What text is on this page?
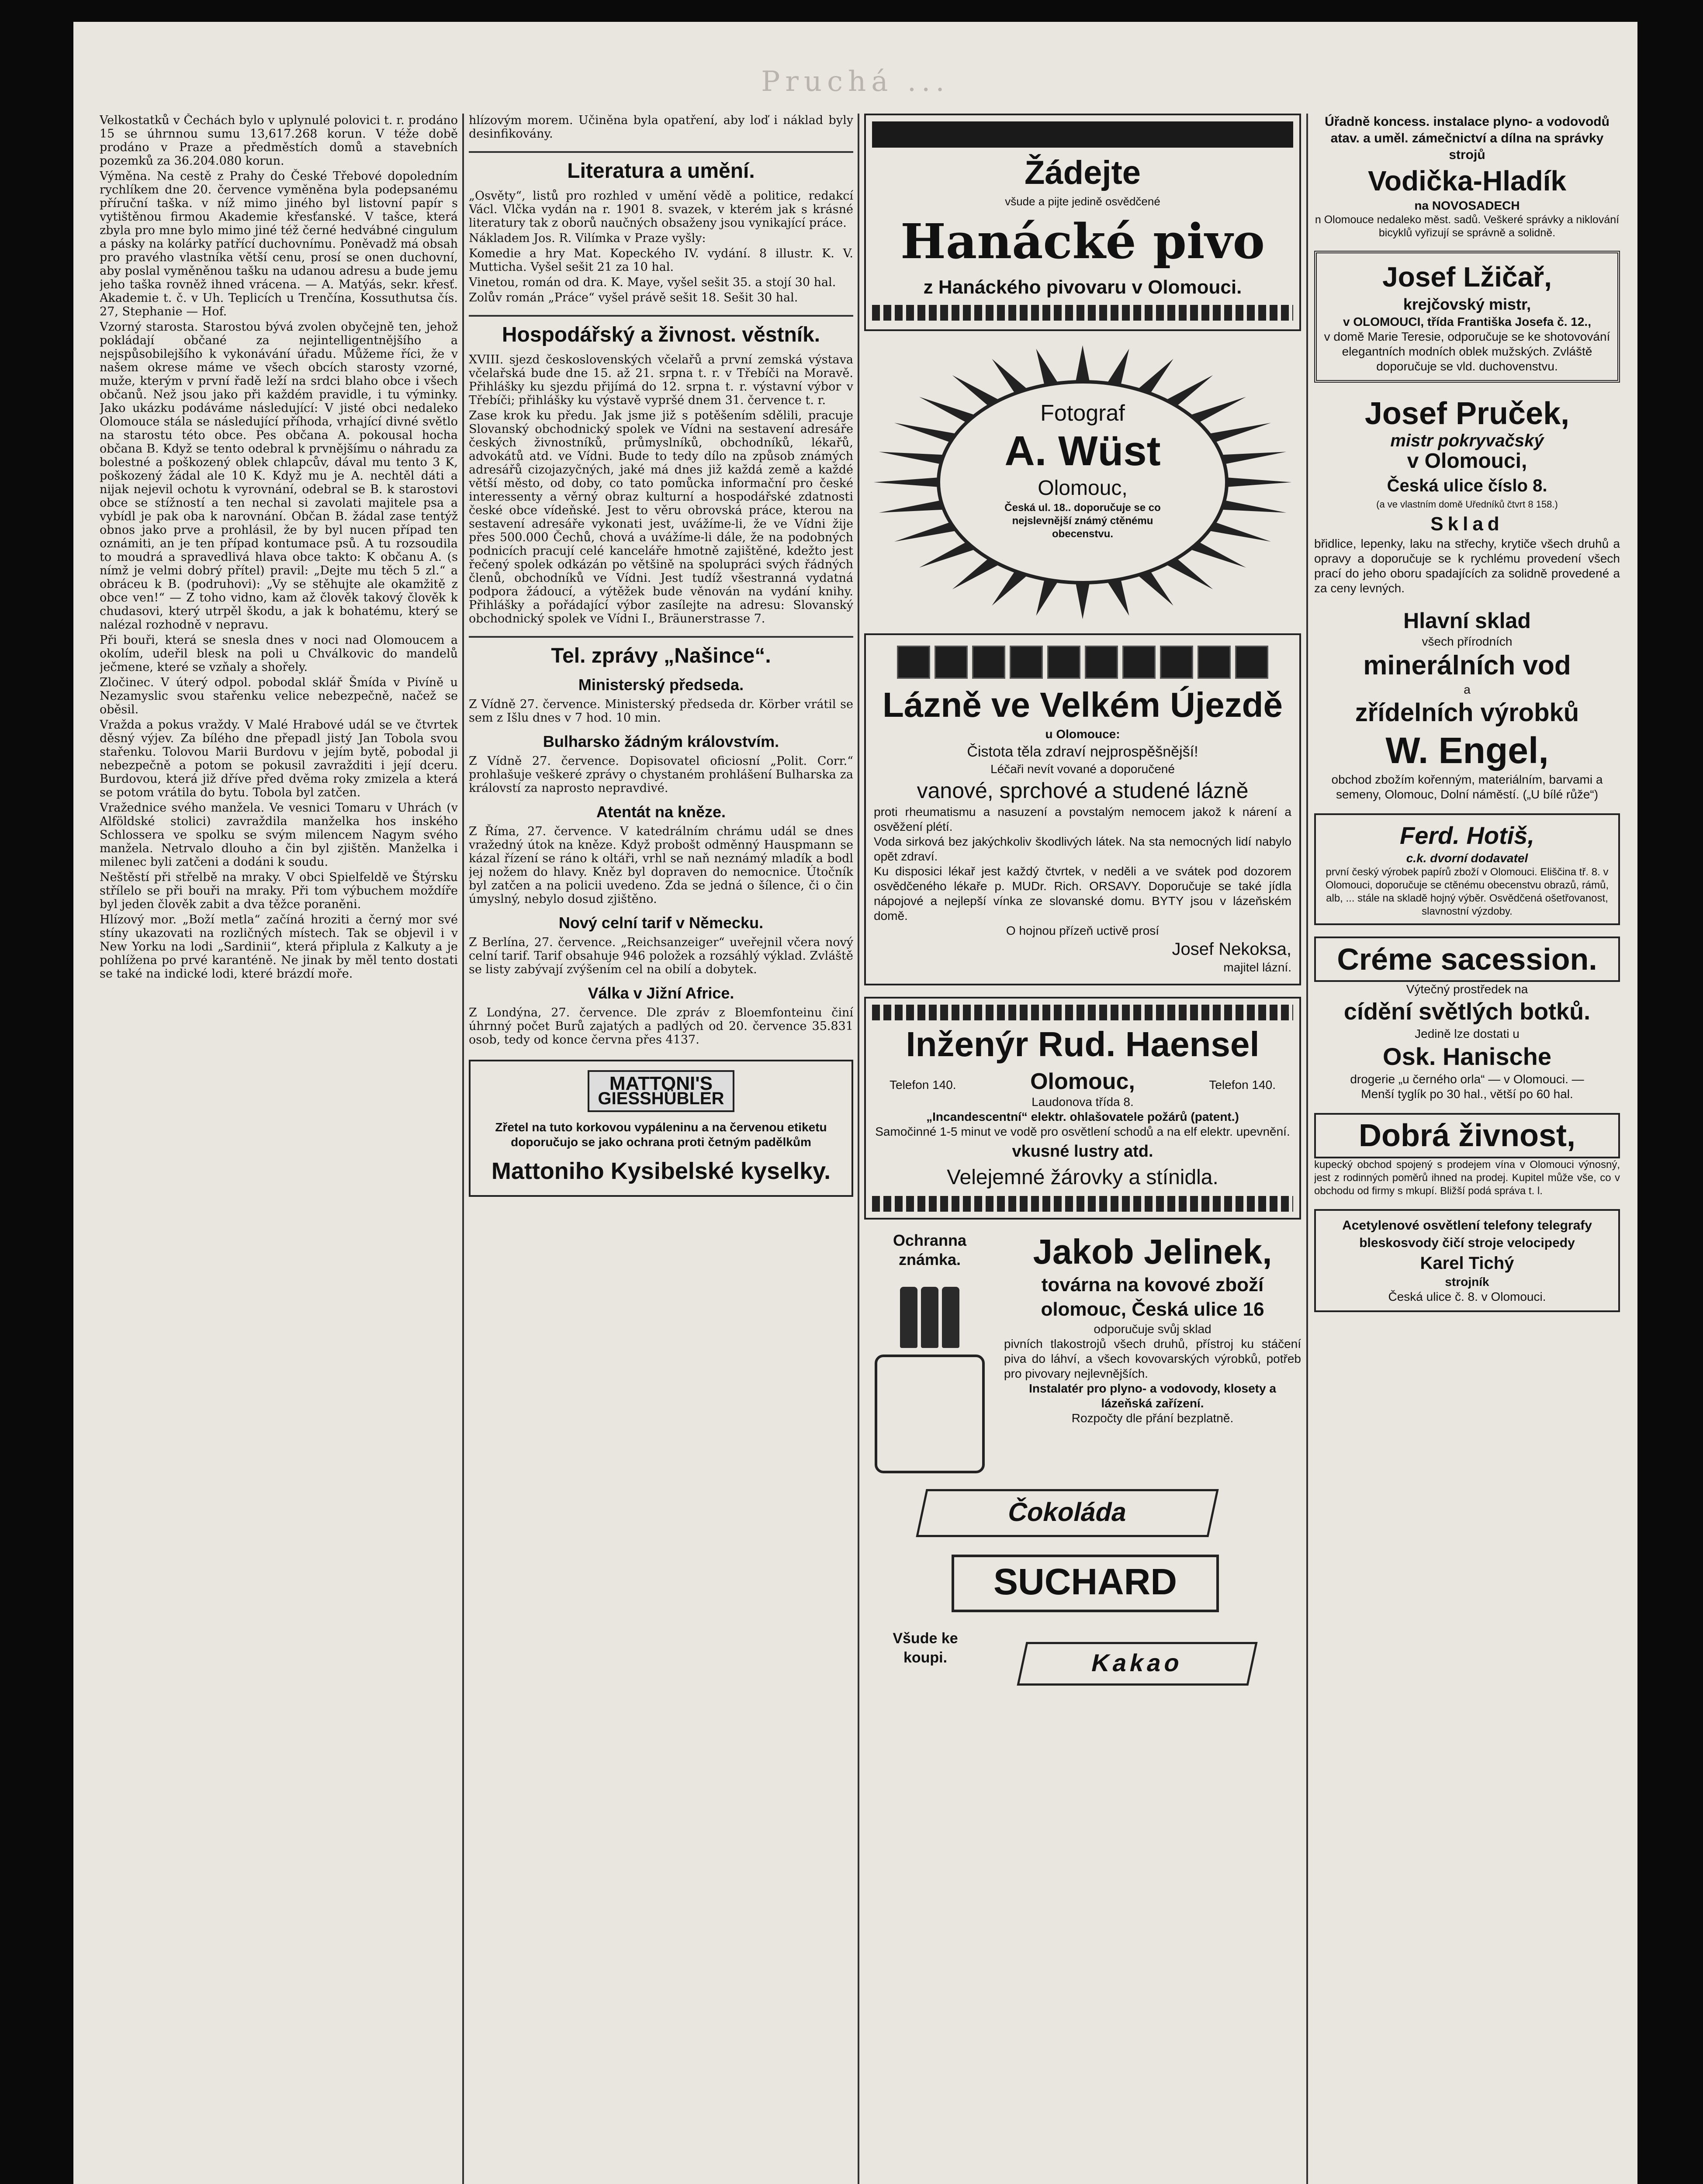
Pruchá ...

Velkostatků v Čechách bylo v uplynulé polovici t. r. prodáno 15 se úhrnnou sumu 13,617.268 korun. V téže době prodáno v Praze a předměstích domů a stavebních pozemků za 36.204.080 korun.

Výměna. Na cestě z Prahy do České Třebové dopoledním rychlíkem dne 20. července vyměněna byla podepsanému příruční taška. v níž mimo jiného byl listovní papír s vytištěnou firmou Akademie křesťanské. V tašce, která zbyla pro mne bylo mimo jiné též černé hedvábné cingulum a pásky na kolárky patřící duchovnímu. Poněvadž má obsah pro pravého vlastníka větší cenu, prosí se onen duchovní, aby poslal vyměněnou tašku na udanou adresu a bude jemu jeho taška rovněž ihned vrácena. — A. Matýás, sekr. křesť. Akademie t. č. v Uh. Teplicích u Trenčína, Kossuthutsa čís. 27, Stephanie — Hof.

Vzorný starosta. Starostou bývá zvolen obyčejně ten, jehož pokládají občané za nejintelligentnějšího a nejspůsobilejšího k vykonávání úřadu. Můžeme říci, že v našem okrese máme ve všech obcích starosty vzorné, muže, kterým v první řadě leží na srdci blaho obce i všech občanů. Než jsou jako při každém pravidle, i tu výminky. Jako ukázku podáváme následující: V jisté obci nedaleko Olomouce stála se následující příhoda, vrhající divné světlo na starostu této obce. Pes občana A. pokousal hocha občana B. Když se tento odebral k prvnějšímu o náhradu za bolestné a poškozený oblek chlapcův, dával mu tento 3 K, poškozený žádal ale 10 K. Když mu je A. nechtěl dáti a nijak nejevil ochotu k vyrovnání, odebral se B. k starostovi obce se stížností a ten nechal si zavolati majitele psa a vybídl je pak oba k narovnání. Občan B. žádal zase tentýž obnos jako prve a prohlásil, že by byl nucen případ ten oznámiti, an je ten případ kontumace psů. A tu rozsoudila to moudrá a spravedlivá hlava obce takto: K občanu A. (s nímž je velmi dobrý přítel) pravil: „Dejte mu těch 5 zl.“ a obráceu k B. (podruhovi): „Vy se stěhujte ale okamžitě z obce ven!“ — Z toho vidno, kam až člověk takový člověk k chudasovi, který utrpěl škodu, a jak k bohatému, který se nalézal rozhodně v nepravu.

Při bouři, která se snesla dnes v noci nad Olomoucem a okolím, udeřil blesk na poli u Chválkovic do mandelů ječmene, které se vzňaly a shořely.

Zločinec. V úterý odpol. pobodal sklář Šmída v Pivíně u Nezamyslic svou stařenku velice nebezpečně, načež se oběsil.

Vražda a pokus vraždy. V Malé Hrabové udál se ve čtvrtek děsný výjev. Za bílého dne přepadl jistý Jan Tobola svou stařenku. Tolovou Marii Burdovu v jejím bytě, pobodal ji nebezpečně a potom se pokusil zavražditi i její dceru. Burdovou, která již dříve před dvěma roky zmizela a která se potom vrátila do bytu. Tobola byl zatčen.

Vražednice svého manžela. Ve vesnici Tomaru v Uhrách (v Alföldské stolici) zavraždila manželka hos inského Schlossera ve spolku se svým milencem Nagym svého manžela. Netrvalo dlouho a čin byl zjištěn. Manželka i milenec byli zatčeni a dodáni k soudu.

Neštěstí při střelbě na mraky. V obci Spielfeldě ve Štýrsku střílelo se při bouři na mraky. Při tom výbuchem moždíře byl jeden člověk zabit a dva těžce poraněni.

Hlízový mor. „Boží metla“ začíná hroziti a černý mor své stíny ukazovati na rozličných místech. Tak se objevil i v New Yorku na lodi „Sardinii“, která připlula z Kalkuty a je pohlížena po prvé karanténě. Ne jinak by měl tento dostati se také na indické lodi, které brázdí moře.

hlízovým morem. Učiněna byla opatření, aby loď i náklad byly desinfikovány.

Literatura a umění.

„Osvěty“, listů pro rozhled v umění vědě a politice, redakcí Václ. Vlčka vydán na r. 1901 8. svazek, v kterém jak s krásné literatury tak z oborů naučných obsaženy jsou vynikající práce.

Nákladem Jos. R. Vilímka v Praze vyšly:

Komedie a hry Mat. Kopeckého IV. vydání. 8 illustr. K. V. Mutticha. Vyšel sešit 21 za 10 hal.

Vinetou, román od dra. K. Maye, vyšel sešit 35. a stojí 30 hal.

Zolův román „Práce“ vyšel právě sešit 18. Sešit 30 hal.

Hospodářský a živnost. věstník.

XVIII. sjezd československých včelařů a první zemská výstava včelařská bude dne 15. až 21. srpna t. r. v Třebíči na Moravě. Přihlášky ku sjezdu přijímá do 12. srpna t. r. výstavní výbor v Třebíči; přihlášky ku výstavě vypršé dnem 31. července t. r.

Zase krok ku předu. Jak jsme již s potěšením sdělili, pracuje Slovanský obchodnický spolek ve Vídni na sestavení adresáře českých živnostníků, průmyslníků, obchodníků, lékařů, advokátů atd. ve Vídni. Bude to tedy dílo na způsob známých adresářů cizojazyčných, jaké má dnes již každá země a každé větší město, od doby, co tato pomůcka informační pro české interessenty a věrný obraz kulturní a hospodářské zdatnosti české obce vídeňské. Jest to věru obrovská práce, kterou na sestavení adresáře vykonati jest, uvážíme-li, že ve Vídni žije přes 500.000 Čechů, chová a uvážíme-li dále, že na podobných podnicích pracují celé kanceláře hmotně zajištěné, kdežto jest řečený spolek odkázán po většině na spolupráci svých řádných členů, obchodníků ve Vídni. Jest tudíž všestranná vydatná podpora žádoucí, a výtěžek bude věnován na vydání knihy. Přihlášky a pořádající výbor zasílejte na adresu: Slovanský obchodnický spolek ve Vídni I., Bräunerstrasse 7.

Tel. zprávy „Našince“.
Ministerský předseda.

Z Vídně 27. července. Ministerský předseda dr. Körber vrátil se sem z Išlu dnes v 7 hod. 10 min.

Bulharsko žádným královstvím.

Z Vídně 27. července. Dopisovatel oficiosní „Polit. Corr.“ prohlašuje veškeré zprávy o chystaném prohlášení Bulharska za královstí za naprosto nepravdivé.

Atentát na kněze.

Z Říma, 27. července. V katedrálním chrámu udál se dnes vražedný útok na kněze. Když probošt odměnný Hauspmann se kázal řízení se ráno k oltáři, vrhl se naň neznámý mladík a bodl jej nožem do hlavy. Kněz byl dopraven do nemocnice. Útočník byl zatčen a na policii uvedeno. Zda se jedná o šílence, či o čin úmyslný, nebylo dosud zjištěno.

Nový celní tarif v Německu.

Z Berlína, 27. července. „Reichsanzeiger“ uveřejnil včera nový celní tarif. Tarif obsahuje 946 položek a rozsáhlý výklad. Zvláště se listy zabývají zvýšením cel na obilí a dobytek.

Válka v Jižní Africe.

Z Londýna, 27. července. Dle zpráv z Bloemfonteinu činí úhrnný počet Burů zajatých a padlých od 20. července 35.831 osob, tedy od konce června přes 4137.

MATTONI'S
GIESSHÜBLER
Zřetel na tuto korkovou vypáleninu a na červenou etiketu doporučujo se jako ochrana proti četným padělkům
Mattoniho Kysibelské kyselky.
Žádejte
všude a pijte jedině osvědčené
Hanácké pivo
z Hanáckého pivovaru v Olomouci.
Fotograf
A. Wüst
Olomouc,
Česká ul. 18.. doporučuje se co nejslevnější známý ctěnému obecenstvu.
Lázně ve Velkém Újezdě
u Olomouce:
Čistota těla zdraví nejprospěšnější!
Léčaři nevít vované a doporučené
vanové, sprchové a studené lázně
proti rheumatismu a nasuzení a povstalým nemocem jakož k nárení a osvěžení plétí.
Voda sirková bez jakýchkoliv škodlivých látek. Na sta nemocných lidí nabylo opět zdraví.
Ku disposici lékař jest každý čtvrtek, v neděli a ve svátek pod dozorem osvědčeného lékaře p. MUDr. Rich. ORSAVY. Doporučuje se také jídla nápojové a nejlepší vínka ze slovanské domu. BYTY jsou v lázeňském domě.
O hojnou přízeň uctivě prosí
Josef Nekoksa,
majitel lázní.
Inženýr Rud. Haensel
Telefon 140.	Olomouc,	Telefon 140.
Laudonova třída 8.
„Incandescentní“ elektr. ohlašovatele požárů (patent.)
Samočinné 1-5 minut ve vodě pro osvětlení schodů a na elf elektr. upevnění.
vkusné lustry atd.
Velejemné žárovky a stínidla.
Ochranna známka.	Jakob Jelinek,
továrna na kovové zboží
olomouc, Česká ulice 16
odporučuje svůj sklad
pivních tlakostrojů všech druhů, přístroj ku stáčení piva do láhví, a všech kovovarských výrobků, potřeb pro pivovary nejlevnějších.
Instalatér pro plyno- a vodovody, klosety a lázeňská zařízení.
Rozpočty dle přání bezplatně.
Čokoláda
SUCHARD
Všude ke koupi.	Kakao
Úřadně koncess. instalace plyno- a vodovodů atav. a uměl. zámečnictví a dílna na správky strojů
Vodička-Hladík
na NOVOSADECH
n Olomouce nedaleko měst. sadů. Veškeré správky a niklování bicyklů vyřizují se správně a solidně.
Josef Lžičař,
krejčovský mistr,
v OLOMOUCI, třída Františka Josefa č. 12.,
v domě Marie Teresie, odporučuje se ke shotovování elegantních modních oblek mužských. Zvláště doporučuje se vld. duchovenstvu.
Josef Pruček,
mistr pokryvačský
v Olomouci,
Česká ulice číslo 8.
(a ve vlastním domě Uředníků čtvrt 8 158.)
Sklad
břidlice, lepenky, laku na střechy, krytiče všech druhů a opravy a doporučuje se k rychlému provedení všech prací do jeho oboru spadajících za solidně provedené a za ceny levných.
Hlavní sklad
všech přírodních
minerálních vod
a
zřídelních výrobků
W. Engel,
obchod zbožím kořenným, materiálním, barvami a semeny, Olomouc, Dolní náměstí. („U bílé růže“)
Ferd. Hotiš,
c.k. dvorní dodavatel
první český výrobek papírů zboží v Olomouci. Eliščina tř. 8. v Olomouci, doporučuje se ctěnému obecenstvu obrazů, rámů, alb, ... stále na skladě hojný výběr. Osvědčená ošetřovanost, slavnostní výzdoby.
Créme sacession.
Výtečný prostředek na
cídění světlých botků.
Jedině lze dostati u
Osk. Hanische
drogerie „u černého orla“ — v Olomouci. —
Menší tyglík po 30 hal., větší po 60 hal.
Dobrá živnost,
kupecký obchod spojený s prodejem vína v Olomouci výnosný, jest z rodinných poměrů ihned na prodej. Kupitel může vše, co v obchodu od firmy s mkupí. Bližší podá správa t. l.
Acetylenové osvětlení telefony telegrafy bleskosvody čičí stroje velocipedy
Karel Tichý
strojník
Česká ulice č. 8. v Olomouci.
